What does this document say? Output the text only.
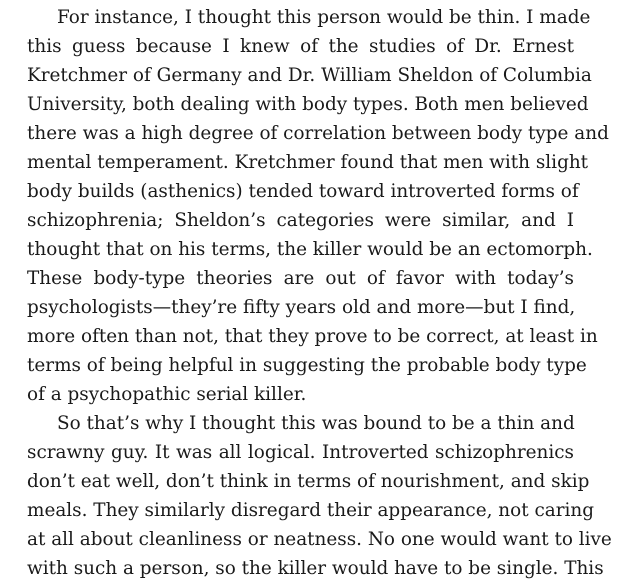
For instance, I thought this person would be thin. I made
this guess because I knew of the studies of Dr. Ernest
Kretchmer of Germany and Dr. William Sheldon of Columbia
University, both dealing with body types. Both men believed
there was a high degree of correlation between body type and
mental temperament. Kretchmer found that men with slight
body builds (asthenics) tended toward introverted forms of
schizophrenia; Sheldon’s categories were similar, and I
thought that on his terms, the killer would be an ectomorph.
These body-type theories are out of favor with today’s
psychologists—they’re fifty years old and more—but I find,
more often than not, that they prove to be correct, at least in
terms of being helpful in suggesting the probable body type
of a psychopathic serial killer.
So that’s why I thought this was bound to be a thin and
scrawny guy. It was all logical. Introverted schizophrenics
don’t eat well, don’t think in terms of nourishment, and skip
meals. They similarly disregard their appearance, not caring
at all about cleanliness or neatness. No one would want to live
with such a person, so the killer would have to be single. This
